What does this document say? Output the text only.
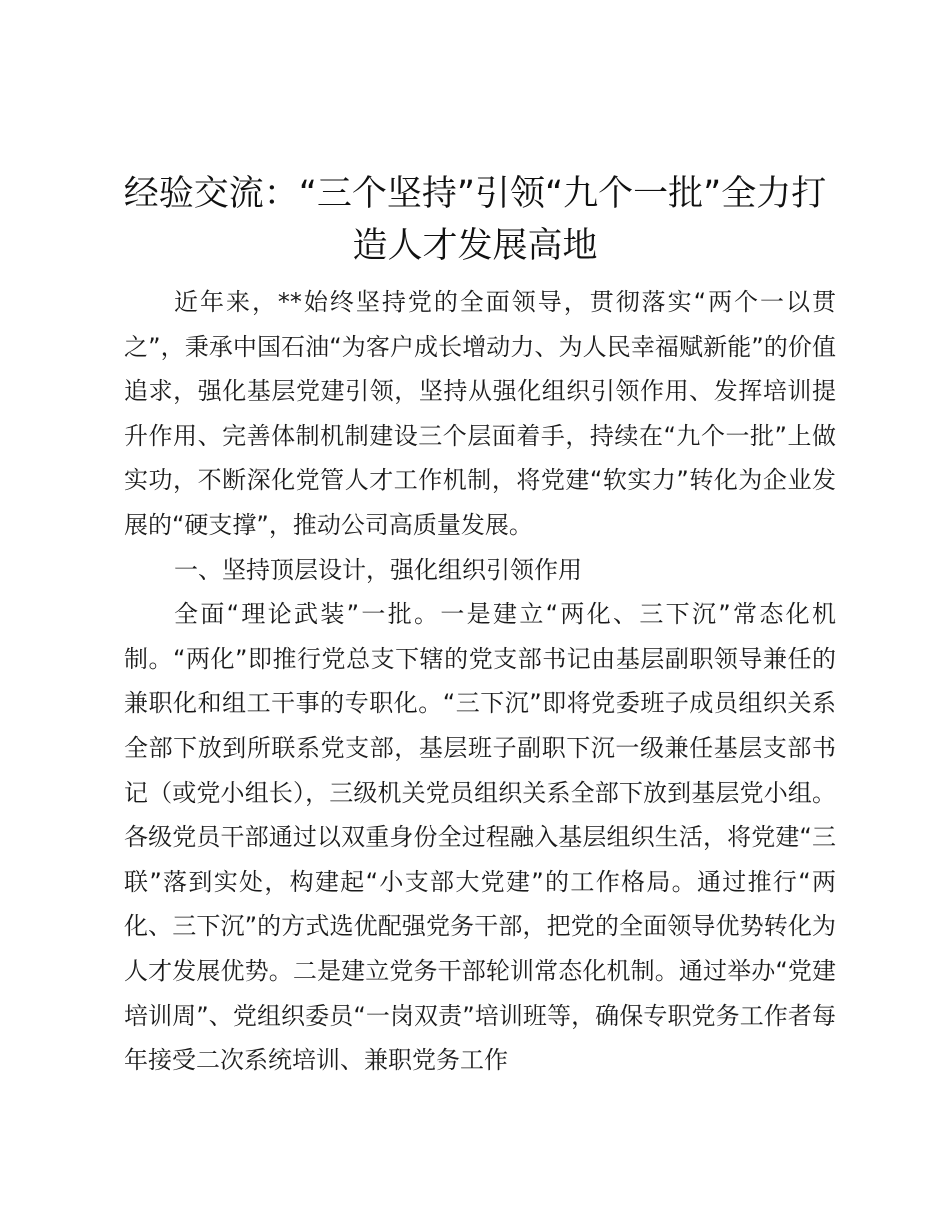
经验交流：“三个坚持”引领“九个一批”全力打造人才发展高地

近年来，**始终坚持党的全面领导，贯彻落实“两个一以贯之”，秉承中国石油“为客户成长增动力、为人民幸福赋新能”的价值追求，强化基层党建引领，坚持从强化组织引领作用、发挥培训提升作用、完善体制机制建设三个层面着手，持续在“九个一批”上做实功，不断深化党管人才工作机制，将党建“软实力”转化为企业发展的“硬支撑”，推动公司高质量发展。

一、坚持顶层设计，强化组织引领作用

全面“理论武装”一批。一是建立“两化、三下沉”常态化机制。“两化”即推行党总支下辖的党支部书记由基层副职领导兼任的兼职化和组工干事的专职化。“三下沉”即将党委班子成员组织关系全部下放到所联系党支部，基层班子副职下沉一级兼任基层支部书记（或党小组长），三级机关党员组织关系全部下放到基层党小组。各级党员干部通过以双重身份全过程融入基层组织生活，将党建“三联”落到实处，构建起“小支部大党建”的工作格局。通过推行“两化、三下沉”的方式选优配强党务干部，把党的全面领导优势转化为人才发展优势。二是建立党务干部轮训常态化机制。通过举办“党建培训周”、党组织委员“一岗双责”培训班等，确保专职党务工作者每年接受二次系统培训、兼职党务工作
